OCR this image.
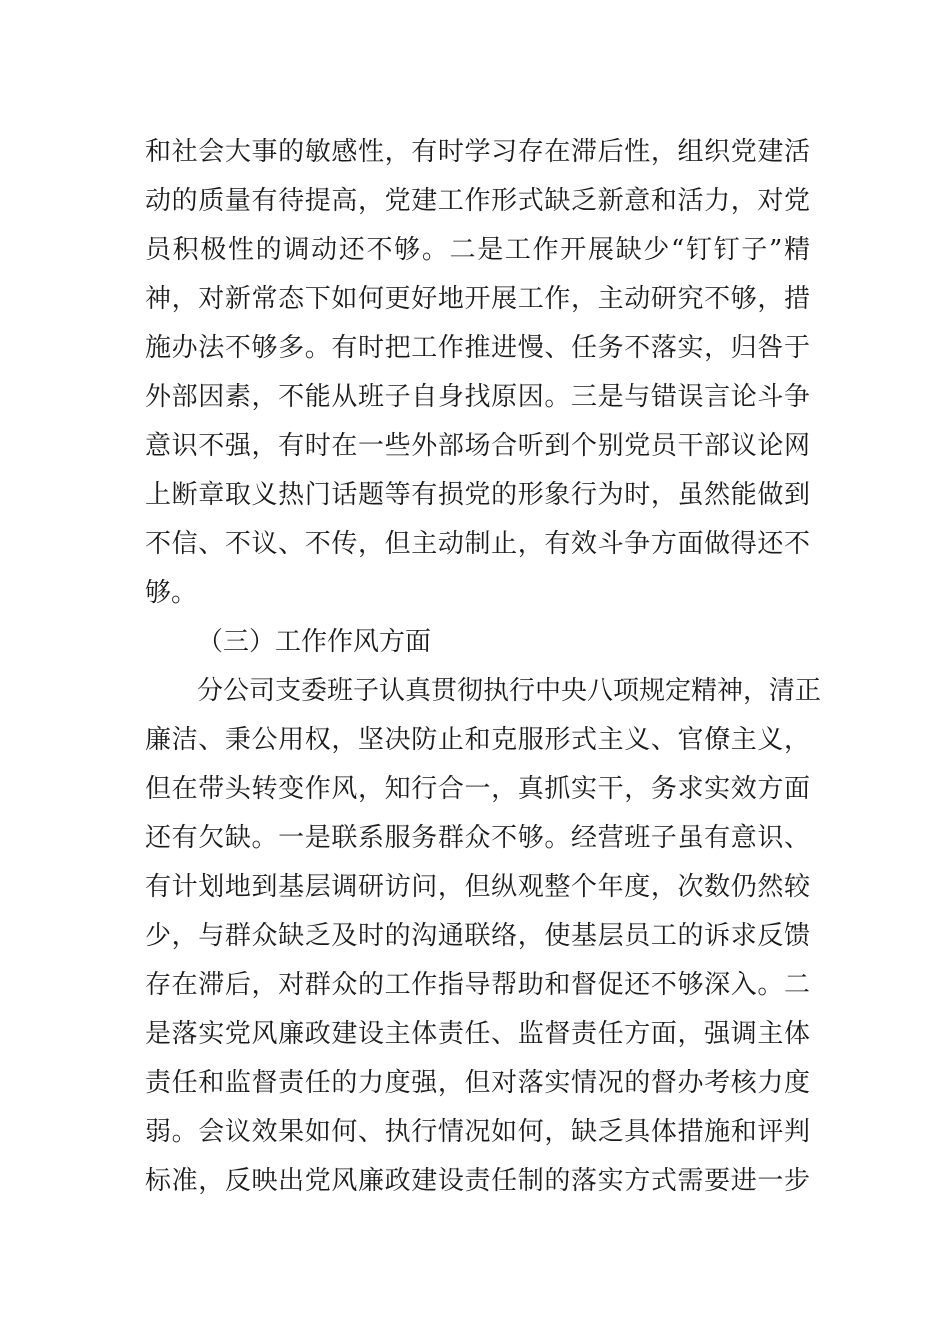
和社会大事的敏感性，有时学习存在滞后性，组织党建活
动的质量有待提高，党建工作形式缺乏新意和活力，对党
员积极性的调动还不够。二是工作开展缺少“钉钉子”精
神，对新常态下如何更好地开展工作，主动研究不够，措
施办法不够多。有时把工作推进慢、任务不落实，归咎于
外部因素，不能从班子自身找原因。三是与错误言论斗争
意识不强，有时在一些外部场合听到个别党员干部议论网
上断章取义热门话题等有损党的形象行为时，虽然能做到
不信、不议、不传，但主动制止，有效斗争方面做得还不
够。
（三）工作作风方面
分公司支委班子认真贯彻执行中央八项规定精神，清正
廉洁、秉公用权，坚决防止和克服形式主义、官僚主义，
但在带头转变作风，知行合一，真抓实干，务求实效方面
还有欠缺。一是联系服务群众不够。经营班子虽有意识、
有计划地到基层调研访问，但纵观整个年度，次数仍然较
少，与群众缺乏及时的沟通联络，使基层员工的诉求反馈
存在滞后，对群众的工作指导帮助和督促还不够深入。二
是落实党风廉政建设主体责任、监督责任方面，强调主体
责任和监督责任的力度强，但对落实情况的督办考核力度
弱。会议效果如何、执行情况如何，缺乏具体措施和评判
标准，反映出党风廉政建设责任制的落实方式需要进一步
